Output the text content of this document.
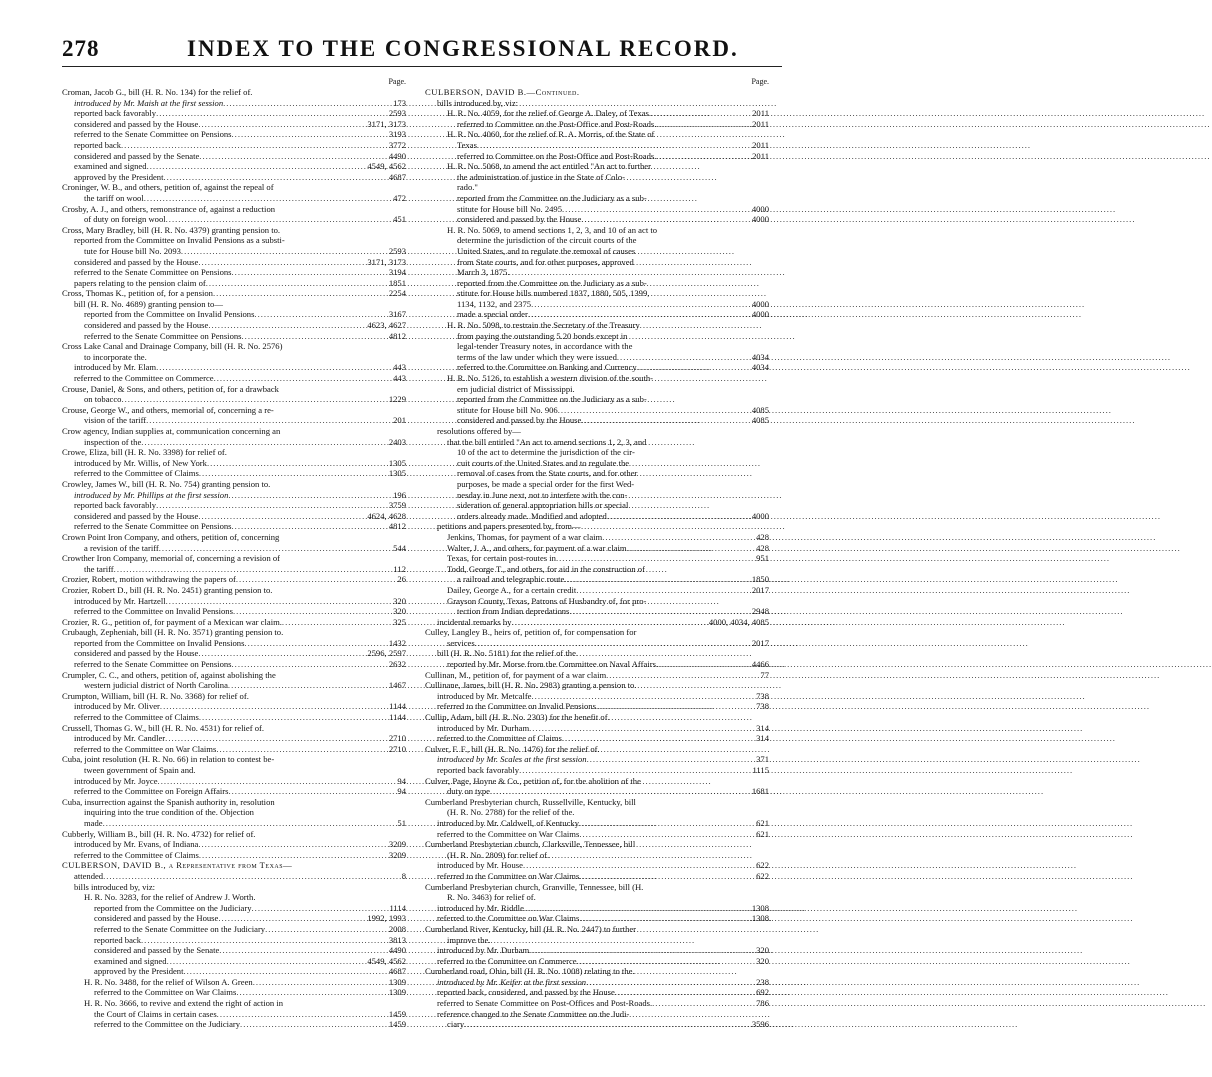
278	INDEX TO THE CONGRESSIONAL RECORD.
Page.
Croman, Jacob G., bill (H. R. No. 134) for the relief of.
introduced by Mr. Maish at the first session .....	173
reported back favorably .....	2593
considered and passed by the House .....	3171, 3173
referred to the Senate Committee on Pensions .....	3193
reported back .....	3772
considered and passed by the Senate .....	4490
examined and signed .....	4549, 4562
approved by the President .....	4687
Croninger, W. B., and others, petition of, against the repeal of
the tariff on wool .....	472
Crosby, A. J., and others, remonstrance of, against a reduction
of duty on foreign wool .....	451
Cross, Mary Bradley, bill (H. R. No. 4379) granting pension to.
reported from the Committee on Invalid Pensions as a substi-
tute for House bill No. 2093 .....	2593
considered and passed by the House .....	3171, 3173
referred to the Senate Committee on Pensions .....	3194
papers relating to the pension claim of .....	1851
Cross, Thomas K., petition of, for a pension .....	2254
bill (H. R. No. 4689) granting pension to—
reported from the Committee on Invalid Pensions .....	3167
considered and passed by the House .....	4623, 4627
referred to the Senate Committee on Pensions .....	4812
Cross Lake Canal and Drainage Company, bill (H. R. No. 2576)
to incorporate the.
introduced by Mr. Elam .....	443
referred to the Committee on Commerce .....	443
Crouse, Daniel, & Sons, and others, petition of, for a drawback
on tobacco .....	1229
Crouse, George W., and others, memorial of, concerning a re-
vision of the tariff .....	201
Crow agency, Indian supplies at, communication concerning an
inspection of the .....	2403
Crowe, Eliza, bill (H. R. No. 3398) for relief of.
introduced by Mr. Willis, of New York .....	1305
referred to the Committee of Claims .....	1305
Crowley, James W., bill (H. R. No. 754) granting pension to.
introduced by Mr. Phillips at the first session .....	196
reported back favorably .....	3759
considered and passed by the House .....	4624, 4628
referred to the Senate Committee on Pensions .....	4812
Crown Point Iron Company, and others, petition of, concerning
a revision of the tariff .....	544
Crowther Iron Company, memorial of, concerning a revision of
the tariff .....	112
Crozier, Robert, motion withdrawing the papers of .....	26
Crozier, Robert D., bill (H. R. No. 2451) granting pension to.
introduced by Mr. Hartzell .....	320
referred to the Committee on Invalid Pensions .....	320
Crozier, R. G., petition of, for payment of a Mexican war claim. .....	325
Crubaugh, Zepheniah, bill (H. R. No. 3571) granting pension to.
reported from the Committee on Invalid Pensions .....	1432
considered and passed by the House .....	2596, 2597
referred to the Senate Committee on Pensions .....	2632
Crumpler, C. C., and others, petition of, against abolishing the
western judicial district of North Carolina .....	1467
Crumpton, William, bill (H. R. No. 3368) for relief of.
introduced by Mr. Oliver .....	1144
referred to the Committee of Claims .....	1144
Crussell, Thomas G. W., bill (H. R. No. 4531) for relief of.
introduced by Mr. Candler .....	2710
referred to the Committee on War Claims .....	2710
Cuba, joint resolution (H. R. No. 66) in relation to contest be-
tween government of Spain and.
introduced by Mr. Joyce .....	94
referred to the Committee on Foreign Affairs .....	94
Cuba, insurrection against the Spanish authority in, resolution
inquiring into the true condition of the. Objection
made .....	51
Cubberly, William B., bill (H. R. No. 4732) for relief of.
introduced by Mr. Evans, of Indiana .....	3209
referred to the Committee of Claims .....	3209
CULBERSON, DAVID B., a Representative from Texas—
attended .....	8
bills introduced by, viz:
H. R. No. 3283, for the relief of Andrew J. Worth.
reported from the Committee on the Judiciary .....	1114
considered and passed by the House .....	1992, 1993
referred to the Senate Committee on the Judiciary .....	2008
reported back .....	3813
considered and passed by the Senate .....	4490
examined and signed .....	4549, 4562
approved by the President .....	4687
H. R. No. 3488, for the relief of Wilson A. Green .....	1309
referred to the Committee on War Claims .....	1309
H. R. No. 3666, to revive and extend the right of action in
the Court of Claims in certain cases .....	1459
referred to the Committee on the Judiciary .....	1459
Page.
CULBERSON, DAVID B.—Continued.
bills introduced by, viz:
H. R. No. 4059, for the relief of George A. Daley, of Texas. .....	2011
referred to Committee on the Post-Office and Post-Roads. .....	2011
H. R. No. 4060, for the relief of R. A. Morris, of the State of
Texas .....	2011
referred to Committee on the Post-Office and Post-Roads. .....	2011
H. R. No. 5068, to amend the act entitled "An act to further
the administration of justice in the State of Colo-
rado."
reported from the Committee on the Judiciary as a sub-
stitute for House bill No. 2495 .....	4000
considered and passed by the House .....	4000
H. R. No. 5069, to amend sections 1, 2, 3, and 10 of an act to
determine the jurisdiction of the circuit courts of the
United States, and to regulate the removal of causes
from State courts, and for other purposes, approved
March 3, 1875.
reported from the Committee on the Judiciary as a sub-
stitute for House bills numbered 1837, 1880, 505, 1399,
1134, 1132, and 2375 .....	4000
made a special order .....	4000
H. R. No. 5098, to restrain the Secretary of the Treasury
from paying the outstanding 5.20 bonds except in
legal-tender Treasury notes, in accordance with the
terms of the law under which they were issued .....	4034
referred to the Committee on Banking and Currency .....	4034
H. R. No. 5126, to establish a western division of the south-
ern judicial district of Mississippi.
reported from the Committee on the Judiciary as a sub-
stitute for House bill No. 906 .....	4085
considered and passed by the House .....	4085
resolutions offered by—
that the bill entitled "An act to amend sections 1, 2, 3, and
10 of the act to determine the jurisdiction of the cir-
cuit courts of the United States and to regulate the
removal of cases from the State courts, and for other
purposes, be made a special order for the first Wed-
nesday in June next, not to interfere with the con-
sideration of general appropriation bills or special
orders already made. Modified and adopted .....	4000
petitions and papers presented by, from—
Jenkins, Thomas, for payment of a war claim .....	428
Walter, J. A., and others, for payment of a war claim .....	428
Texas, for certain post-routes in .....	951
Todd, George T., and others, for aid in the construction of
a railroad and telegraphic route .....	1850
Dailey, George A., for a certain credit .....	2017
Grayson County, Texas, Patrons of Husbandry of, for pro-
tection from Indian depredations .....	2948
incidental remarks by .....	4000, 4034, 4085
Culley, Langley B., heirs of, petition of, for compensation for
services .....	2017
bill (H. R. No. 5181) for the relief of the.
reported by Mr. Morse from the Committee on Naval Affairs. .....	4466
Cullinan, M., petition of, for payment of a war claim .....	77
Cullinane, James, bill (H. R. No. 2983) granting a pension to.
introduced by Mr. Metcalfe .....	738
referred to the Committee on Invalid Pensions .....	738
Cullip, Adam, bill (H. R. No. 2303) for the benefit of.
introduced by Mr. Durham .....	314
referred to the Committee of Claims .....	314
Culver, F. F., bill (H. R. No. 1476) for the relief of.
introduced by Mr. Scales at the first session .....	371
reported back favorably .....	1115
Culver, Page, Hoyne & Co., petition of, for the abolition of the
duty on type .....	1681
Cumberland Presbyterian church, Russellville, Kentucky, bill
(H. R. No. 2788) for the relief of the.
introduced by Mr. Caldwell, of Kentucky .....	621
referred to the Committee on War Claims .....	621
Cumberland Presbyterian church, Clarksville, Tennessee, bill
(H. R. No. 2809) for relief of.
introduced by Mr. House .....	622
referred to the Committee on War Claims .....	622
Cumberland Presbyterian church, Granville, Tennessee, bill (H.
R. No. 3463) for relief of.
introduced by Mr. Riddle .....	1308
referred to the Committee on War Claims .....	1308
Cumberland River, Kentucky, bill (H. R. No. 2447) to further
improve the.
introduced by Mr. Durham .....	320
referred to the Committee on Commerce .....	320
Cumberland road, Ohio, bill (H. R. No. 1008) relating to the.
introduced by Mr. Keifer at the first session .....	238
reported back, considered, and passed by the House .....	692
referred to Senate Committee on Post-Offices and Post-Roads. .....	786
reference changed to the Senate Committee on the Judi-
ciary .....	3596
